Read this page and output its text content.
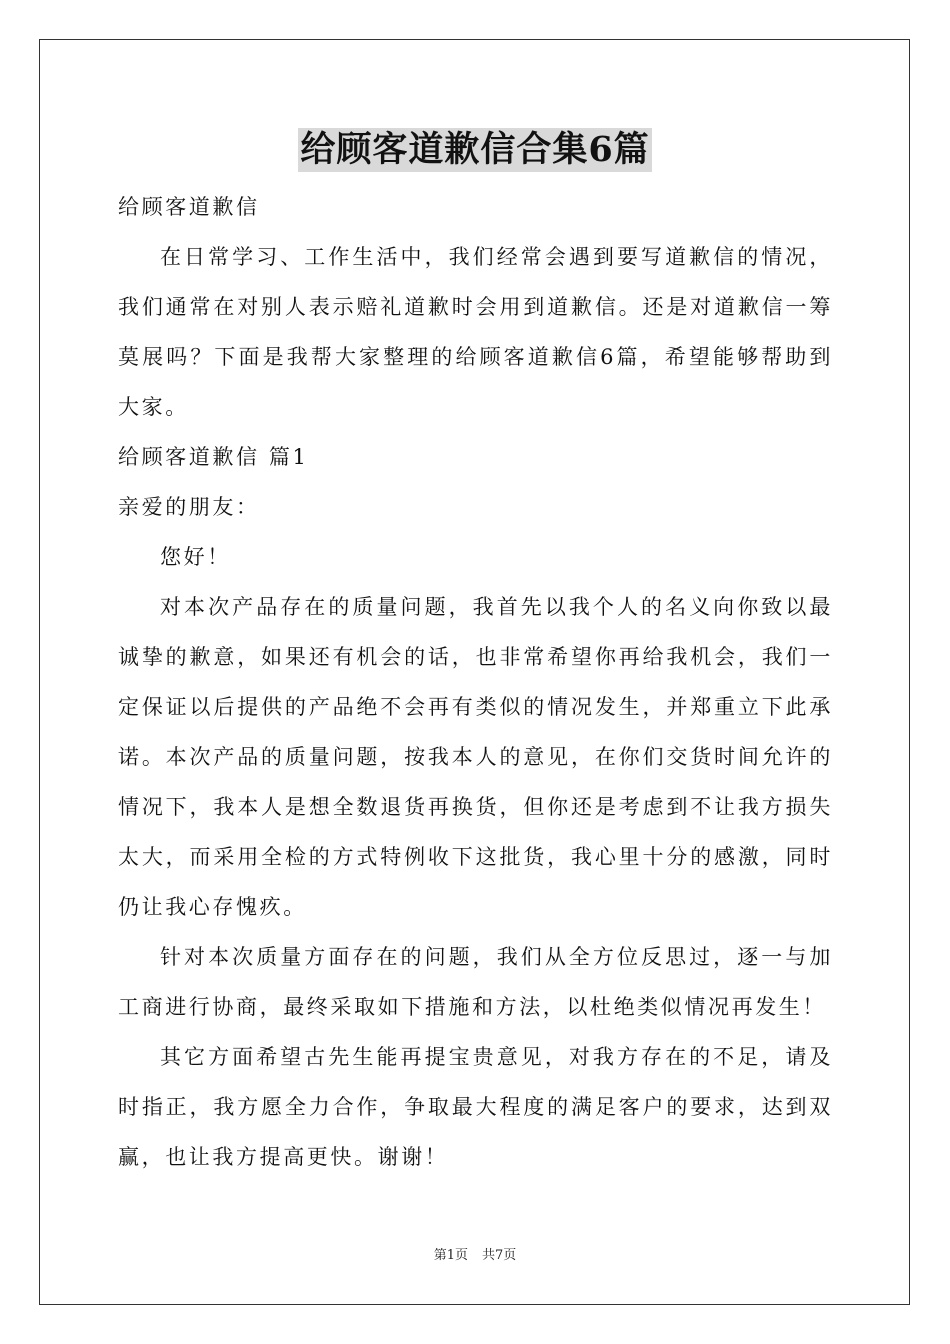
给顾客道歉信合集6篇

给顾客道歉信

在日常学习、工作生活中，我们经常会遇到要写道歉信的情况，我们通常在对别人表示赔礼道歉时会用到道歉信。还是对道歉信一筹莫展吗？下面是我帮大家整理的给顾客道歉信6篇，希望能够帮助到大家。

给顾客道歉信 篇1

亲爱的朋友：

您好！

对本次产品存在的质量问题，我首先以我个人的名义向你致以最诚挚的歉意，如果还有机会的话，也非常希望你再给我机会，我们一定保证以后提供的产品绝不会再有类似的情况发生，并郑重立下此承诺。本次产品的质量问题，按我本人的意见，在你们交货时间允许的情况下，我本人是想全数退货再换货，但你还是考虑到不让我方损失太大，而采用全检的方式特例收下这批货，我心里十分的感激，同时仍让我心存愧疚。

针对本次质量方面存在的问题，我们从全方位反思过，逐一与加工商进行协商，最终采取如下措施和方法，以杜绝类似情况再发生！

其它方面希望古先生能再提宝贵意见，对我方存在的不足，请及时指正，我方愿全力合作，争取最大程度的满足客户的要求，达到双赢，也让我方提高更快。谢谢！

第1页 共7页
